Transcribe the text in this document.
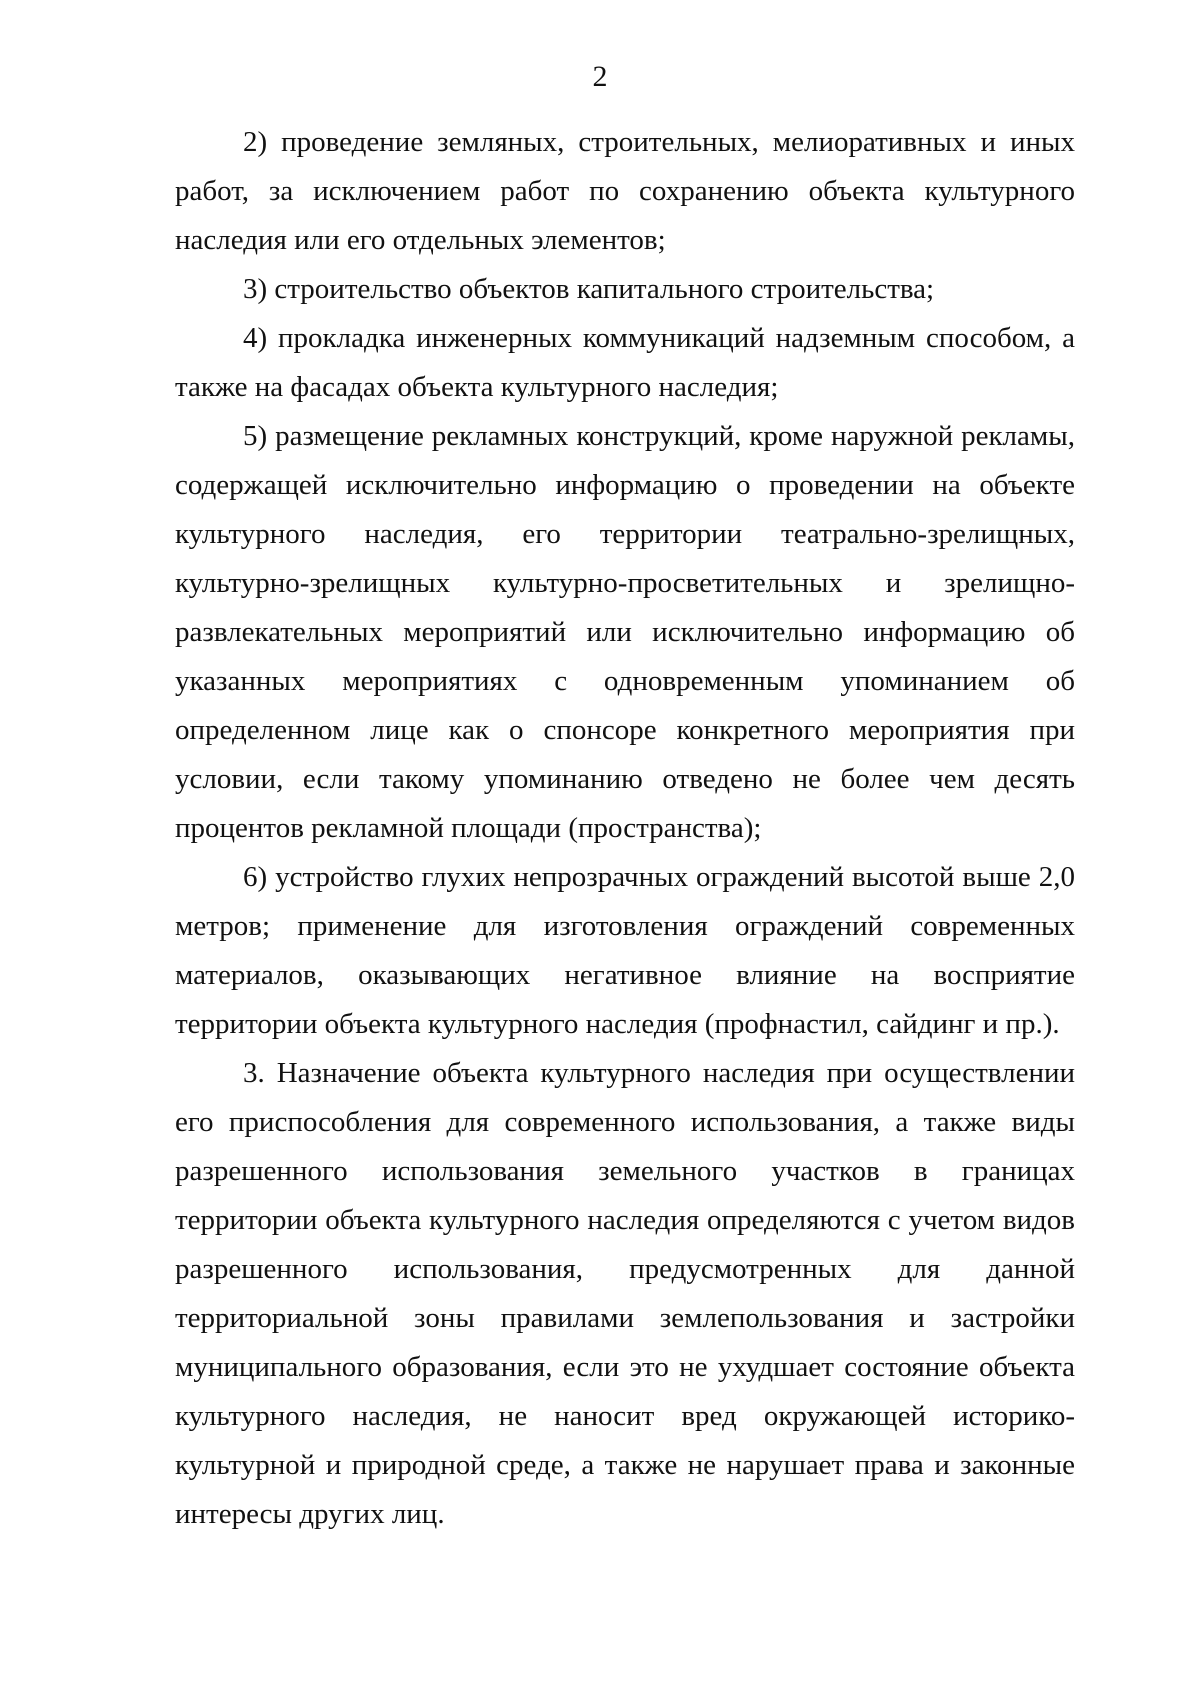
2

2) проведение земляных, строительных, мелиоративных и иных работ, за исключением работ по сохранению объекта культурного наследия или его отдельных элементов;

3) строительство объектов капитального строительства;

4) прокладка инженерных коммуникаций надземным способом, а также на фасадах объекта культурного наследия;

5) размещение рекламных конструкций, кроме наружной рекламы, содержащей исключительно информацию о проведении на объекте культурного наследия, его территории театрально-зрелищных, культурно-зрелищных культурно-просветительных и зрелищно-развлекательных мероприятий или исключительно информацию об указанных мероприятиях с одновременным упоминанием об определенном лице как о спонсоре конкретного мероприятия при условии, если такому упоминанию отведено не более чем десять процентов рекламной площади (пространства);

6) устройство глухих непрозрачных ограждений высотой выше 2,0 метров; применение для изготовления ограждений современных материалов, оказывающих негативное влияние на восприятие территории объекта культурного наследия (профнастил, сайдинг и пр.).

3. Назначение объекта культурного наследия при осуществлении его приспособления для современного использования, а также виды разрешенного использования земельного участков в границах территории объекта культурного наследия определяются с учетом видов разрешенного использования, предусмотренных для данной территориальной зоны правилами землепользования и застройки муниципального образования, если это не ухудшает состояние объекта культурного наследия, не наносит вред окружающей историко-культурной и природной среде, а также не нарушает права и законные интересы других лиц.
